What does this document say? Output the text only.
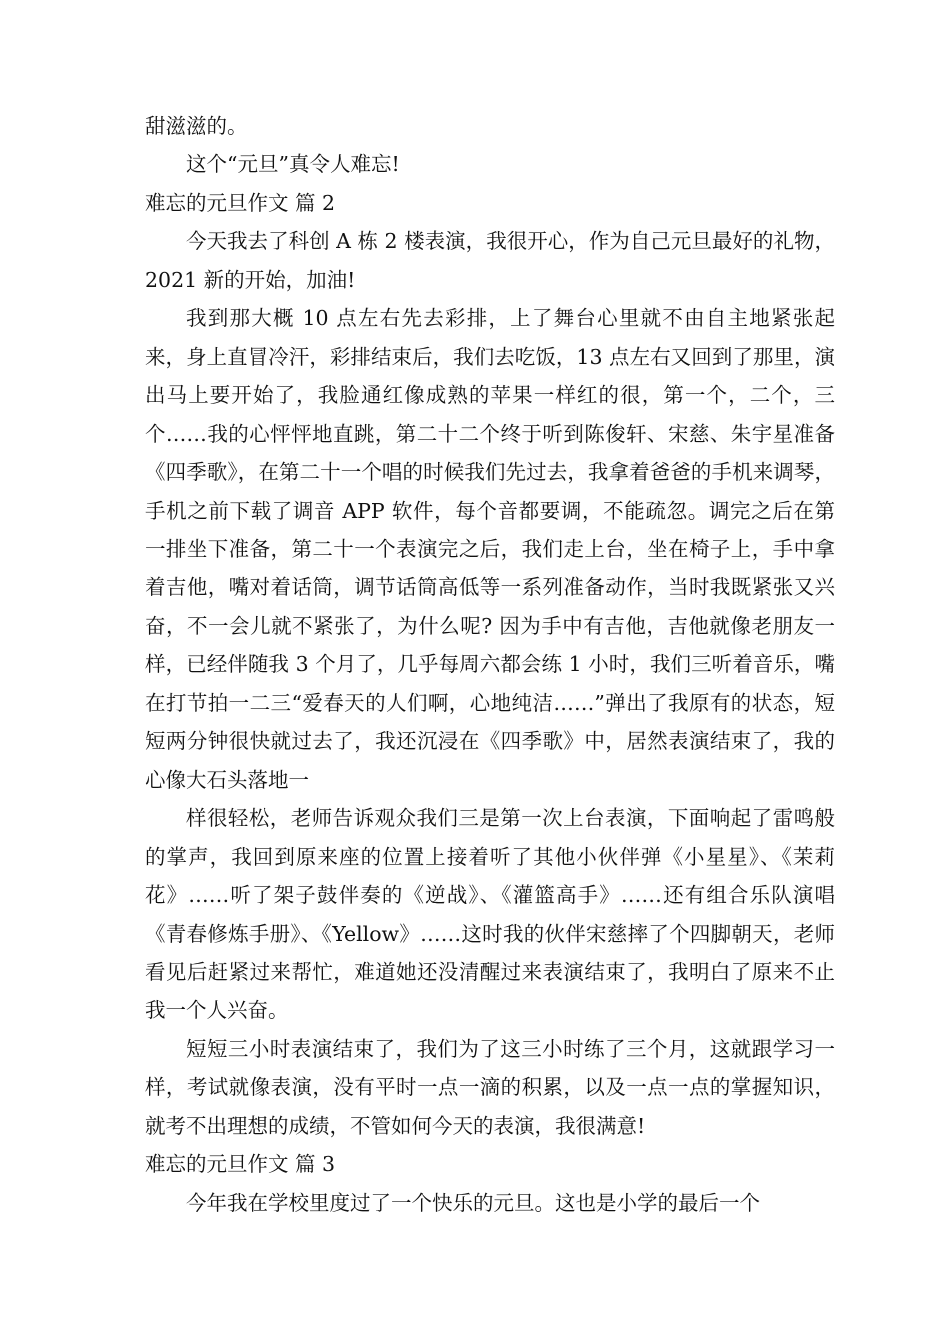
甜滋滋的。

这个“元旦”真令人难忘!

难忘的元旦作文 篇 2

今天我去了科创 A 栋 2 楼表演，我很开心，作为自己元旦最好的礼物，2021 新的开始，加油!

我到那大概 10 点左右先去彩排，上了舞台心里就不由自主地紧张起来，身上直冒冷汗，彩排结束后，我们去吃饭，13 点左右又回到了那里，演出马上要开始了，我脸通红像成熟的苹果一样红的很，第一个，二个，三个……我的心怦怦地直跳，第二十二个终于听到陈俊轩、宋慈、朱宇星准备《四季歌》，在第二十一个唱的时候我们先过去，我拿着爸爸的手机来调琴，手机之前下载了调音 APP 软件，每个音都要调，不能疏忽。调完之后在第一排坐下准备，第二十一个表演完之后，我们走上台，坐在椅子上，手中拿着吉他，嘴对着话筒，调节话筒高低等一系列准备动作，当时我既紧张又兴奋，不一会儿就不紧张了，为什么呢? 因为手中有吉他，吉他就像老朋友一样，已经伴随我 3 个月了，几乎每周六都会练 1 小时，我们三听着音乐，嘴在打节拍一二三“爱春天的人们啊，心地纯洁……”弹出了我原有的状态，短短两分钟很快就过去了，我还沉浸在《四季歌》中，居然表演结束了，我的心像大石头落地一

样很轻松，老师告诉观众我们三是第一次上台表演，下面响起了雷鸣般的掌声，我回到原来座的位置上接着听了其他小伙伴弹《小星星》、《茉莉花》……听了架子鼓伴奏的《逆战》、《灌篮高手》……还有组合乐队演唱《青春修炼手册》、《Yellow》……这时我的伙伴宋慈摔了个四脚朝天，老师看见后赶紧过来帮忙，难道她还没清醒过来表演结束了，我明白了原来不止我一个人兴奋。

短短三小时表演结束了，我们为了这三小时练了三个月，这就跟学习一样，考试就像表演，没有平时一点一滴的积累，以及一点一点的掌握知识，就考不出理想的成绩，不管如何今天的表演，我很满意!

难忘的元旦作文 篇 3

今年我在学校里度过了一个快乐的元旦。这也是小学的最后一个
